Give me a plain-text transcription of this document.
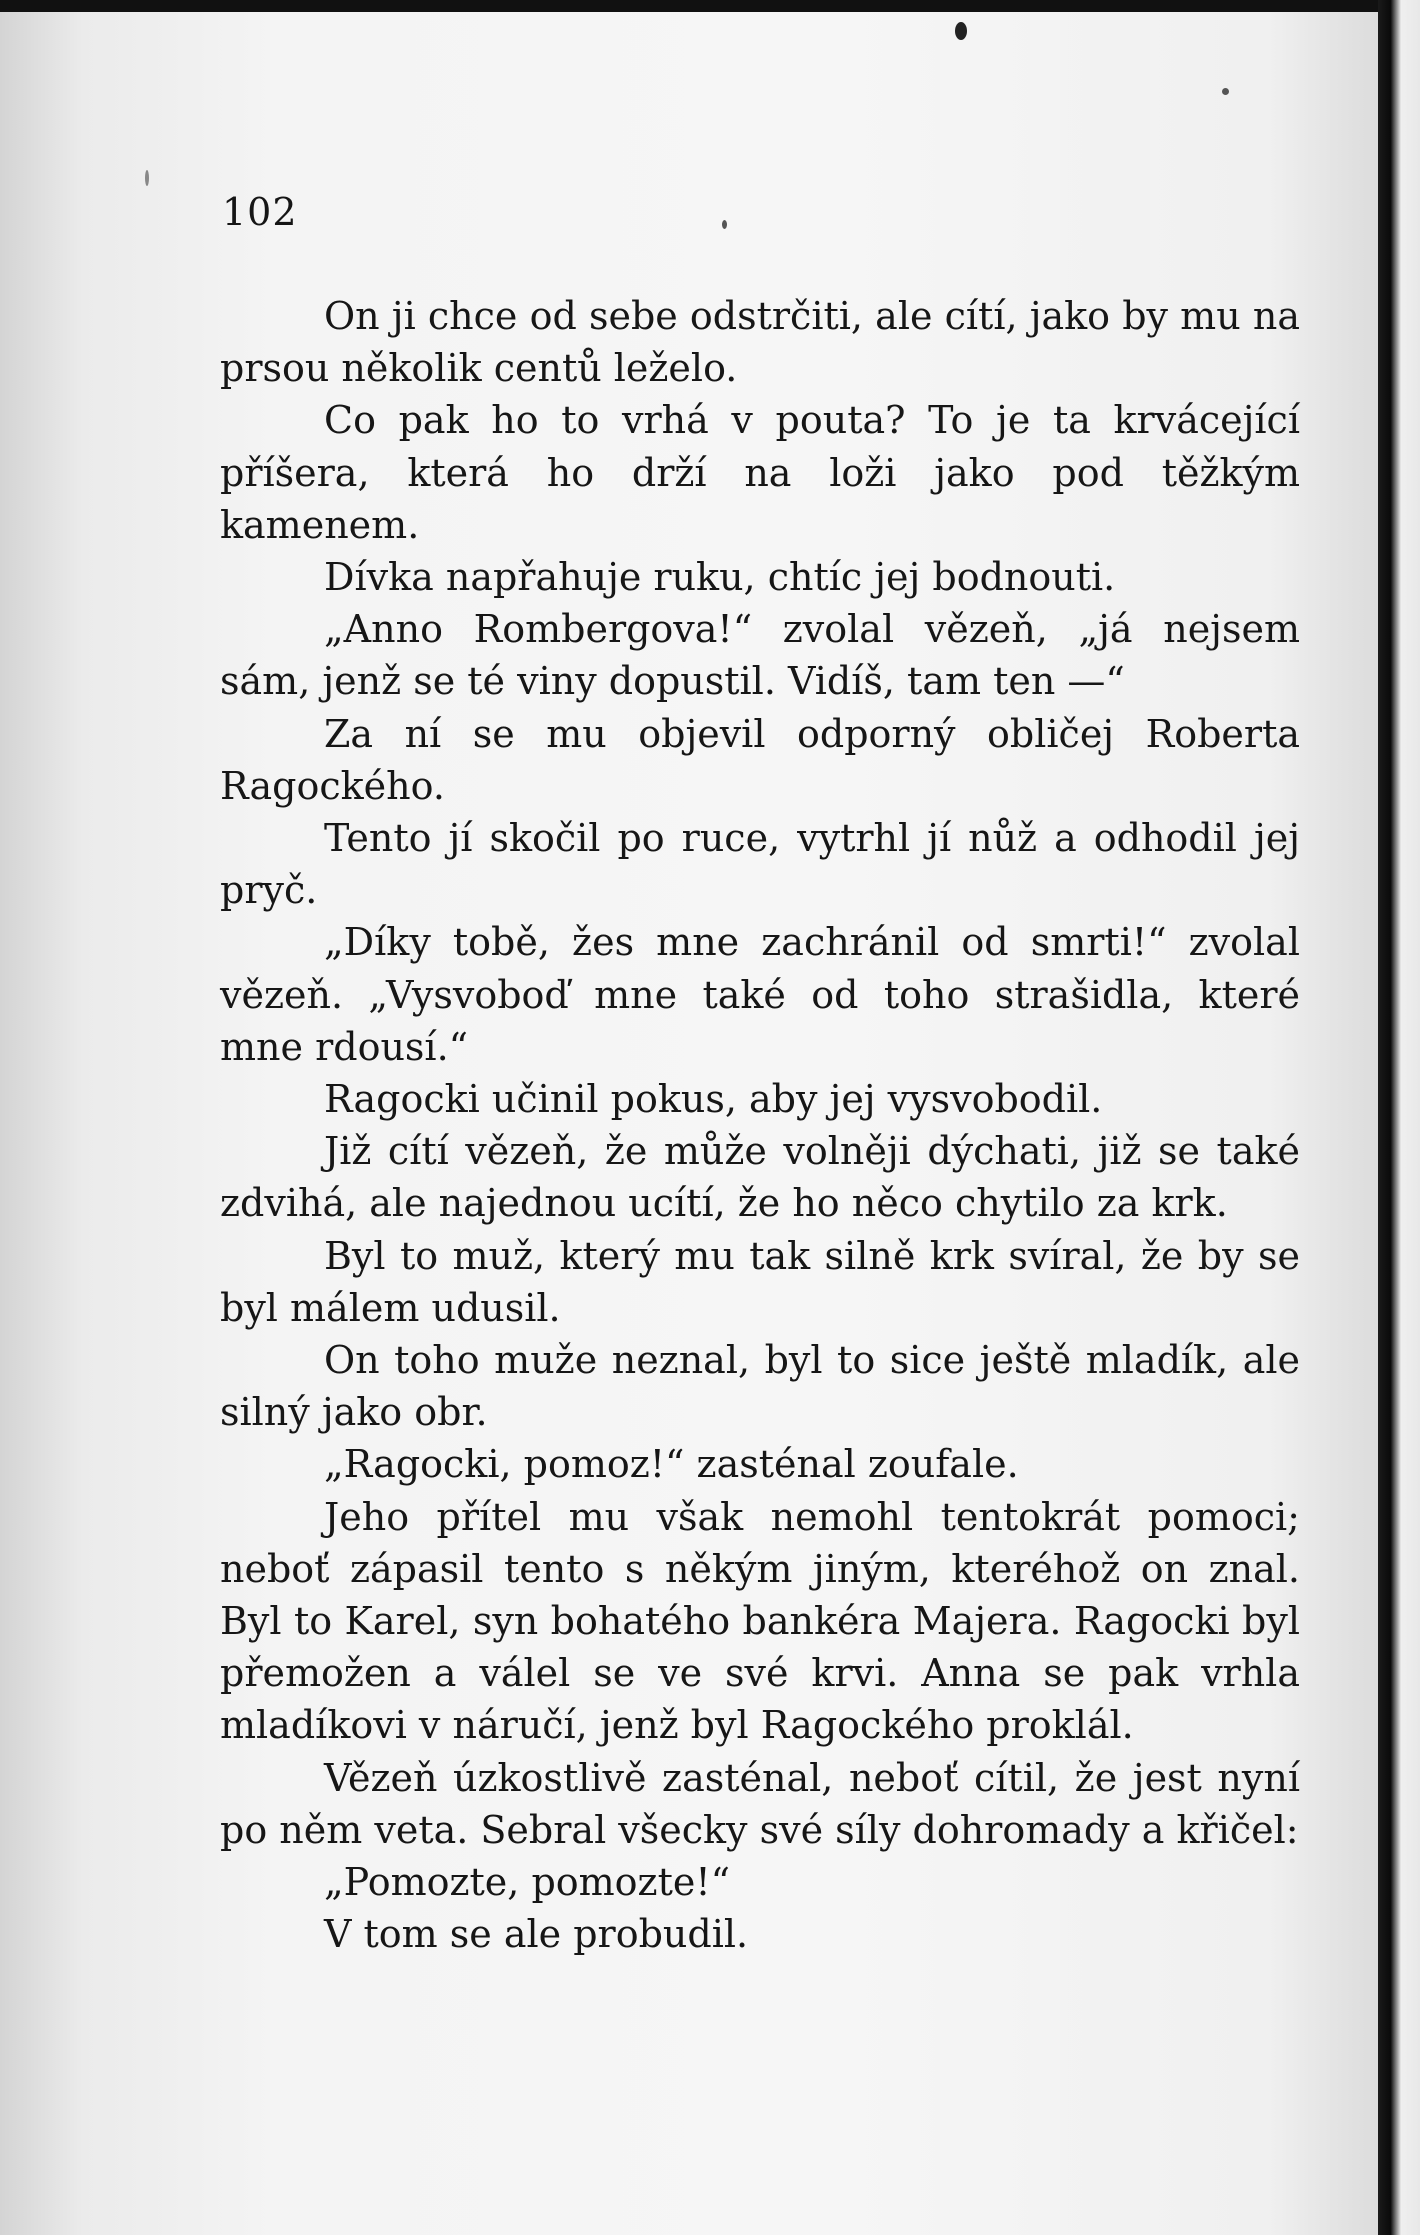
102

On ji chce od sebe odstrčiti, ale cítí, jako by mu na prsou několik centů leželo.

Co pak ho to vrhá v pouta? To je ta krvácející příšera, která ho drží na loži jako pod těžkým kamenem.

Dívka napřahuje ruku, chtíc jej bodnouti.

„Anno Rombergova!“ zvolal vězeň, „já nejsem sám, jenž se té viny dopustil. Vidíš, tam ten —“

Za ní se mu objevil odporný obličej Roberta Ragockého.

Tento jí skočil po ruce, vytrhl jí nůž a odhodil jej pryč.

„Díky tobě, žes mne zachránil od smrti!“ zvolal vězeň. „Vysvoboď mne také od toho strašidla, které mne rdousí.“

Ragocki učinil pokus, aby jej vysvobodil.

Již cítí vězeň, že může volněji dýchati, již se také zdvihá, ale najednou ucítí, že ho něco chytilo za krk.

Byl to muž, který mu tak silně krk svíral, že by se byl málem udusil.

On toho muže neznal, byl to sice ještě mladík, ale silný jako obr.

„Ragocki, pomoz!“ zasténal zoufale.

Jeho přítel mu však nemohl tentokrát pomoci; neboť zápasil tento s někým jiným, kteréhož on znal. Byl to Karel, syn bohatého bankéra Majera. Ragocki byl přemožen a válel se ve své krvi. Anna se pak vrhla mladíkovi v náručí, jenž byl Ragockého proklál.

Vězeň úzkostlivě zasténal, neboť cítil, že jest nyní po něm veta. Sebral všecky své síly dohromady a křičel:

„Pomozte, pomozte!“

V tom se ale probudil.
